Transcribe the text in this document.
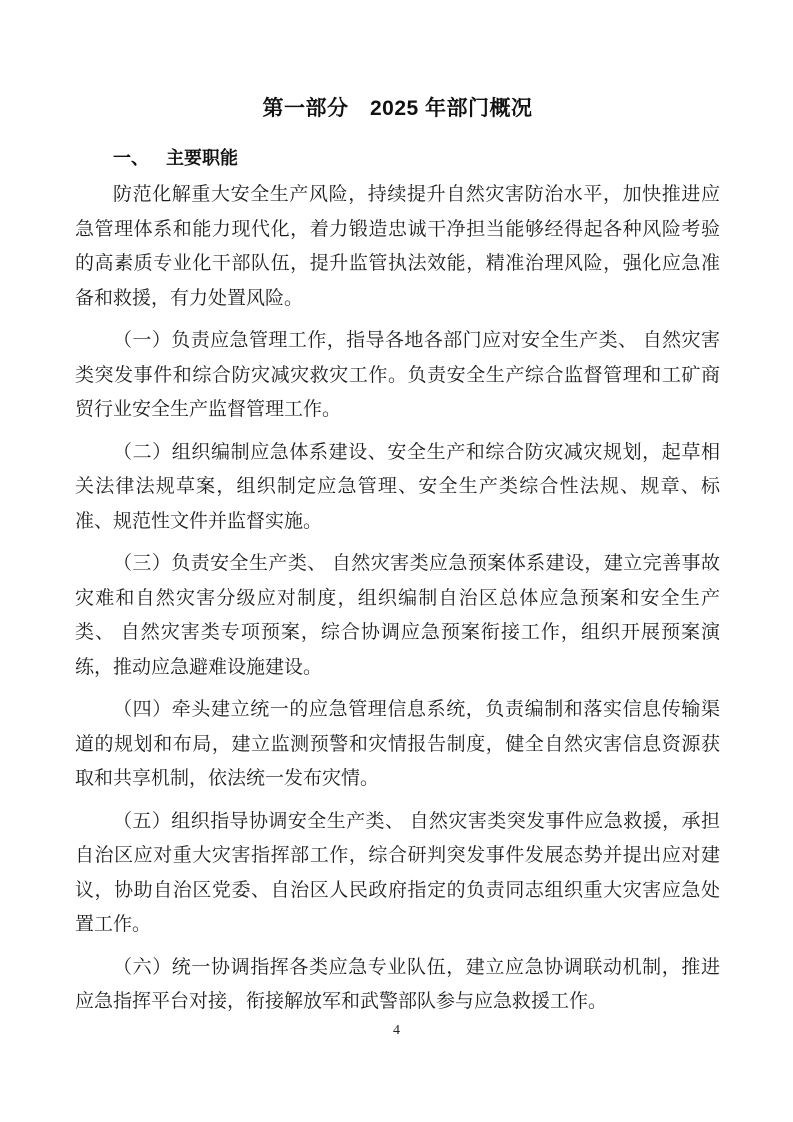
第一部分　2025 年部门概况
一、 主要职能

防范化解重大安全生产风险，持续提升自然灾害防治水平，加快推进应急管理体系和能力现代化，着力锻造忠诚干净担当能够经得起各种风险考验的高素质专业化干部队伍，提升监管执法效能，精准治理风险，强化应急准备和救援，有力处置风险。

（一）负责应急管理工作，指导各地各部门应对安全生产类、 自然灾害类突发事件和综合防灾减灾救灾工作。负责安全生产综合监督管理和工矿商贸行业安全生产监督管理工作。

（二）组织编制应急体系建设、安全生产和综合防灾减灾规划，起草相关法律法规草案，组织制定应急管理、安全生产类综合性法规、规章、标准、规范性文件并监督实施。

（三）负责安全生产类、 自然灾害类应急预案体系建设，建立完善事故灾难和自然灾害分级应对制度，组织编制自治区总体应急预案和安全生产类、 自然灾害类专项预案，综合协调应急预案衔接工作，组织开展预案演练，推动应急避难设施建设。

（四）牵头建立统一的应急管理信息系统，负责编制和落实信息传输渠道的规划和布局，建立监测预警和灾情报告制度，健全自然灾害信息资源获取和共享机制，依法统一发布灾情。

（五）组织指导协调安全生产类、 自然灾害类突发事件应急救援，承担自治区应对重大灾害指挥部工作，综合研判突发事件发展态势并提出应对建议，协助自治区党委、自治区人民政府指定的负责同志组织重大灾害应急处置工作。

（六）统一协调指挥各类应急专业队伍，建立应急协调联动机制，推进应急指挥平台对接，衔接解放军和武警部队参与应急救援工作。

4
